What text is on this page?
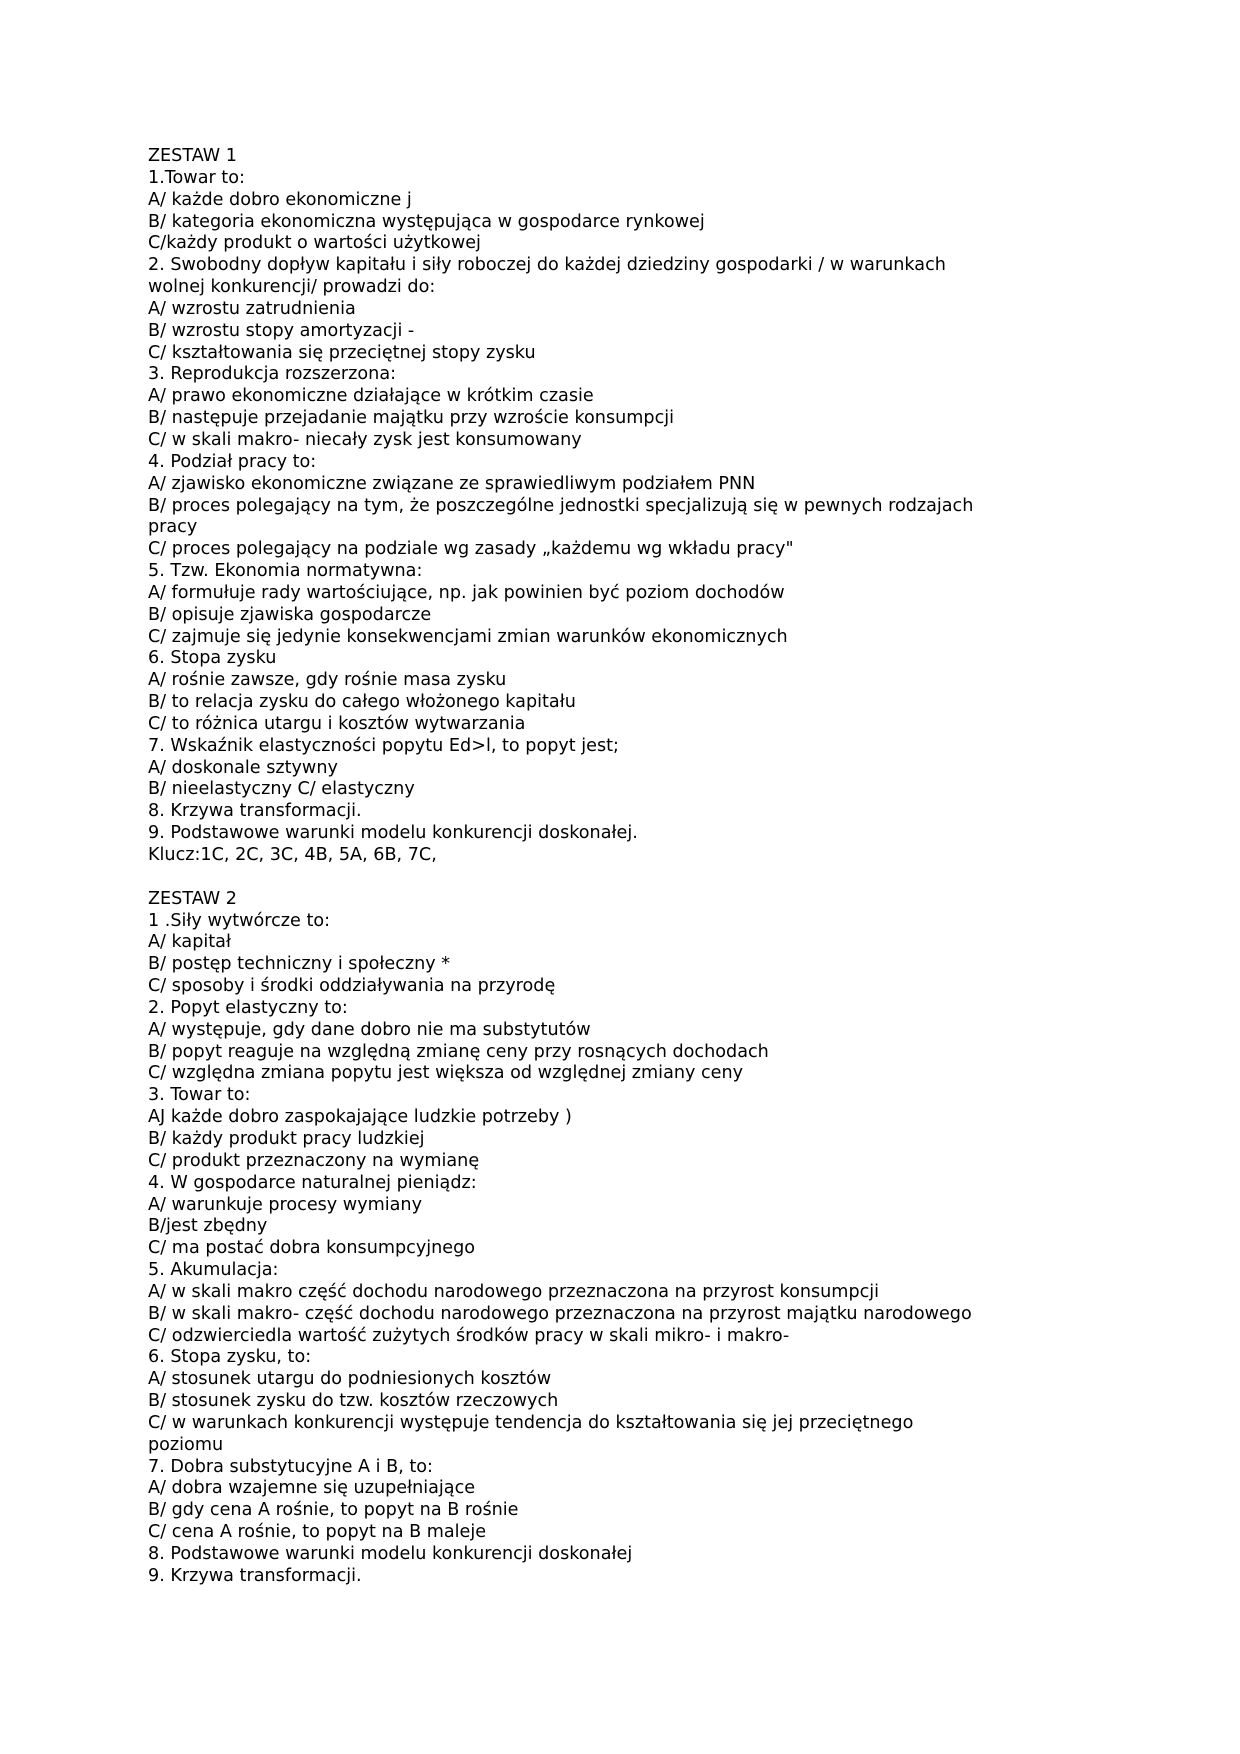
ZESTAW 1
1.Towar to:
A/ każde dobro ekonomiczne j
B/ kategoria ekonomiczna występująca w gospodarce rynkowej
C/każdy produkt o wartości użytkowej
2. Swobodny dopływ kapitału i siły roboczej do każdej dziedziny gospodarki / w warunkach
wolnej konkurencji/ prowadzi do:
A/ wzrostu zatrudnienia
B/ wzrostu stopy amortyzacji -
C/ kształtowania się przeciętnej stopy zysku
3. Reprodukcja rozszerzona:
A/ prawo ekonomiczne działające w krótkim czasie
B/ następuje przejadanie majątku przy wzroście konsumpcji
C/ w skali makro- niecały zysk jest konsumowany
4. Podział pracy to:
A/ zjawisko ekonomiczne związane ze sprawiedliwym podziałem PNN
B/ proces polegający na tym, że poszczególne jednostki specjalizują się w pewnych rodzajach
pracy
C/ proces polegający na podziale wg zasady „każdemu wg wkładu pracy"
5. Tzw. Ekonomia normatywna:
A/ formułuje rady wartościujące, np. jak powinien być poziom dochodów
B/ opisuje zjawiska gospodarcze
C/ zajmuje się jedynie konsekwencjami zmian warunków ekonomicznych
6. Stopa zysku
A/ rośnie zawsze, gdy rośnie masa zysku
B/ to relacja zysku do całego włożonego kapitału
C/ to różnica utargu i kosztów wytwarzania
7. Wskaźnik elastyczności popytu Ed>l, to popyt jest;
A/ doskonale sztywny
B/ nieelastyczny C/ elastyczny
8. Krzywa transformacji.
9. Podstawowe warunki modelu konkurencji doskonałej.
Klucz:1C, 2C, 3C, 4B, 5A, 6B, 7C,
ZESTAW 2
1 .Siły wytwórcze to:
A/ kapitał
B/ postęp techniczny i społeczny *
C/ sposoby i środki oddziaływania na przyrodę
2. Popyt elastyczny to:
A/ występuje, gdy dane dobro nie ma substytutów
B/ popyt reaguje na względną zmianę ceny przy rosnących dochodach
C/ względna zmiana popytu jest większa od względnej zmiany ceny
3. Towar to:
AJ każde dobro zaspokajające ludzkie potrzeby )
B/ każdy produkt pracy ludzkiej
C/ produkt przeznaczony na wymianę
4. W gospodarce naturalnej pieniądz:
A/ warunkuje procesy wymiany
B/jest zbędny
C/ ma postać dobra konsumpcyjnego
5. Akumulacja:
A/ w skali makro część dochodu narodowego przeznaczona na przyrost konsumpcji
B/ w skali makro- część dochodu narodowego przeznaczona na przyrost majątku narodowego
C/ odzwierciedla wartość zużytych środków pracy w skali mikro- i makro-
6. Stopa zysku, to:
A/ stosunek utargu do podniesionych kosztów
B/ stosunek zysku do tzw. kosztów rzeczowych
C/ w warunkach konkurencji występuje tendencja do kształtowania się jej przeciętnego
poziomu
7. Dobra substytucyjne A i B, to:
A/ dobra wzajemne się uzupełniające
B/ gdy cena A rośnie, to popyt na B rośnie
C/ cena A rośnie, to popyt na B maleje
8. Podstawowe warunki modelu konkurencji doskonałej
9. Krzywa transformacji.
